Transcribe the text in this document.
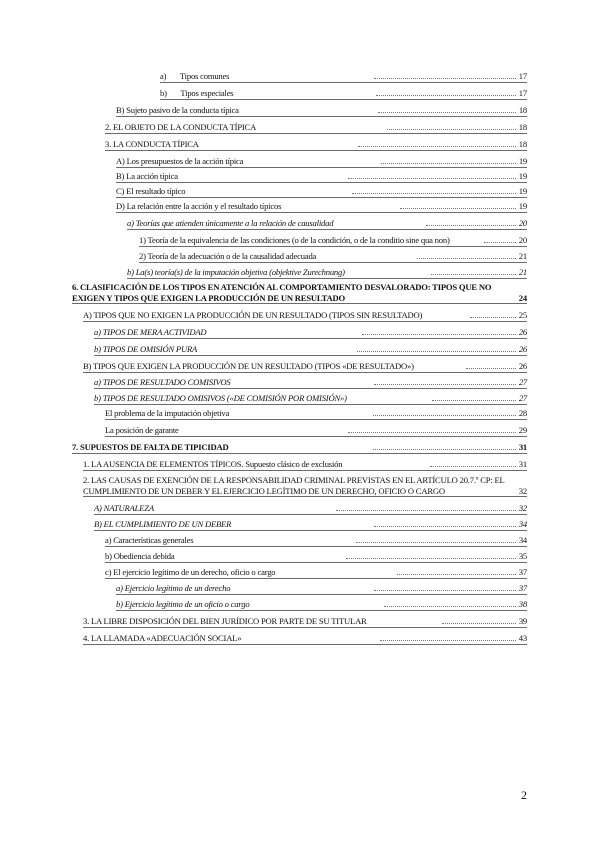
a)       Tipos comunes	17
b)       Tipos especiales	17
B) Sujeto pasivo de la conducta típica	18
2. EL OBJETO DE LA CONDUCTA TÍPICA	18
3. LA CONDUCTA TÍPICA	18
A) Los presupuestos de la acción típica	19
B) La acción típica	19
C) El resultado típico	19
D) La relación entre la acción y el resultado típicos	19
a) Teorías que atienden únicamente a la relación de causalidad	20
1) Teoría de la equivalencia de las condiciones (o de la condición, o de la conditio sine qua non)	20
2) Teoría de la adecuación o de la causalidad adecuada	21
b) La(s) teoría(s) de la imputación objetiva (objektive Zurechnung)	21
6. CLASIFICACIÓN DE LOS TIPOS EN ATENCIÓN AL COMPORTAMIENTO DESVALORADO: TIPOS QUE NO EXIGEN Y TIPOS QUE EXIGEN LA PRODUCCIÓN DE UN RESULTADO	24
A) TIPOS QUE NO EXIGEN LA PRODUCCIÓN DE UN RESULTADO (TIPOS SIN RESULTADO)	25
a) TIPOS DE MERA ACTIVIDAD	26
b) TIPOS DE OMISIÓN PURA	26
B) TIPOS QUE EXIGEN LA PRODUCCIÓN DE UN RESULTADO (TIPOS «DE RESULTADO»)	26
a) TIPOS DE RESULTADO COMISIVOS	27
b) TIPOS DE RESULTADO OMISIVOS («DE COMISIÓN POR OMISIÓN»)	27
El problema de la imputación objetiva	28
La posición de garante	29
7. SUPUESTOS DE FALTA DE TIPICIDAD	31
1. LA AUSENCIA DE ELEMENTOS TÍPICOS. Supuesto clásico de exclusión	31
2. LAS CAUSAS DE EXENCIÓN DE LA RESPONSABILIDAD CRIMINAL PREVISTAS EN EL ARTÍCULO 20.7.º CP: EL CUMPLIMIENTO DE UN DEBER Y EL EJERCICIO LEGÍTIMO DE UN DERECHO, OFICIO O CARGO	32
A) NATURALEZA	32
B) EL CUMPLIMIENTO DE UN DEBER	34
a) Características generales	34
b) Obediencia debida	35
c) El ejercicio legítimo de un derecho, oficio o cargo	37
a) Ejercicio legítimo de un derecho	37
b) Ejercicio legítimo de un oficio o cargo	38
3. LA LIBRE DISPOSICIÓN DEL BIEN JURÍDICO POR PARTE DE SU TITULAR	39
4. LA LLAMADA «ADECUACIÓN SOCIAL»	43
2
